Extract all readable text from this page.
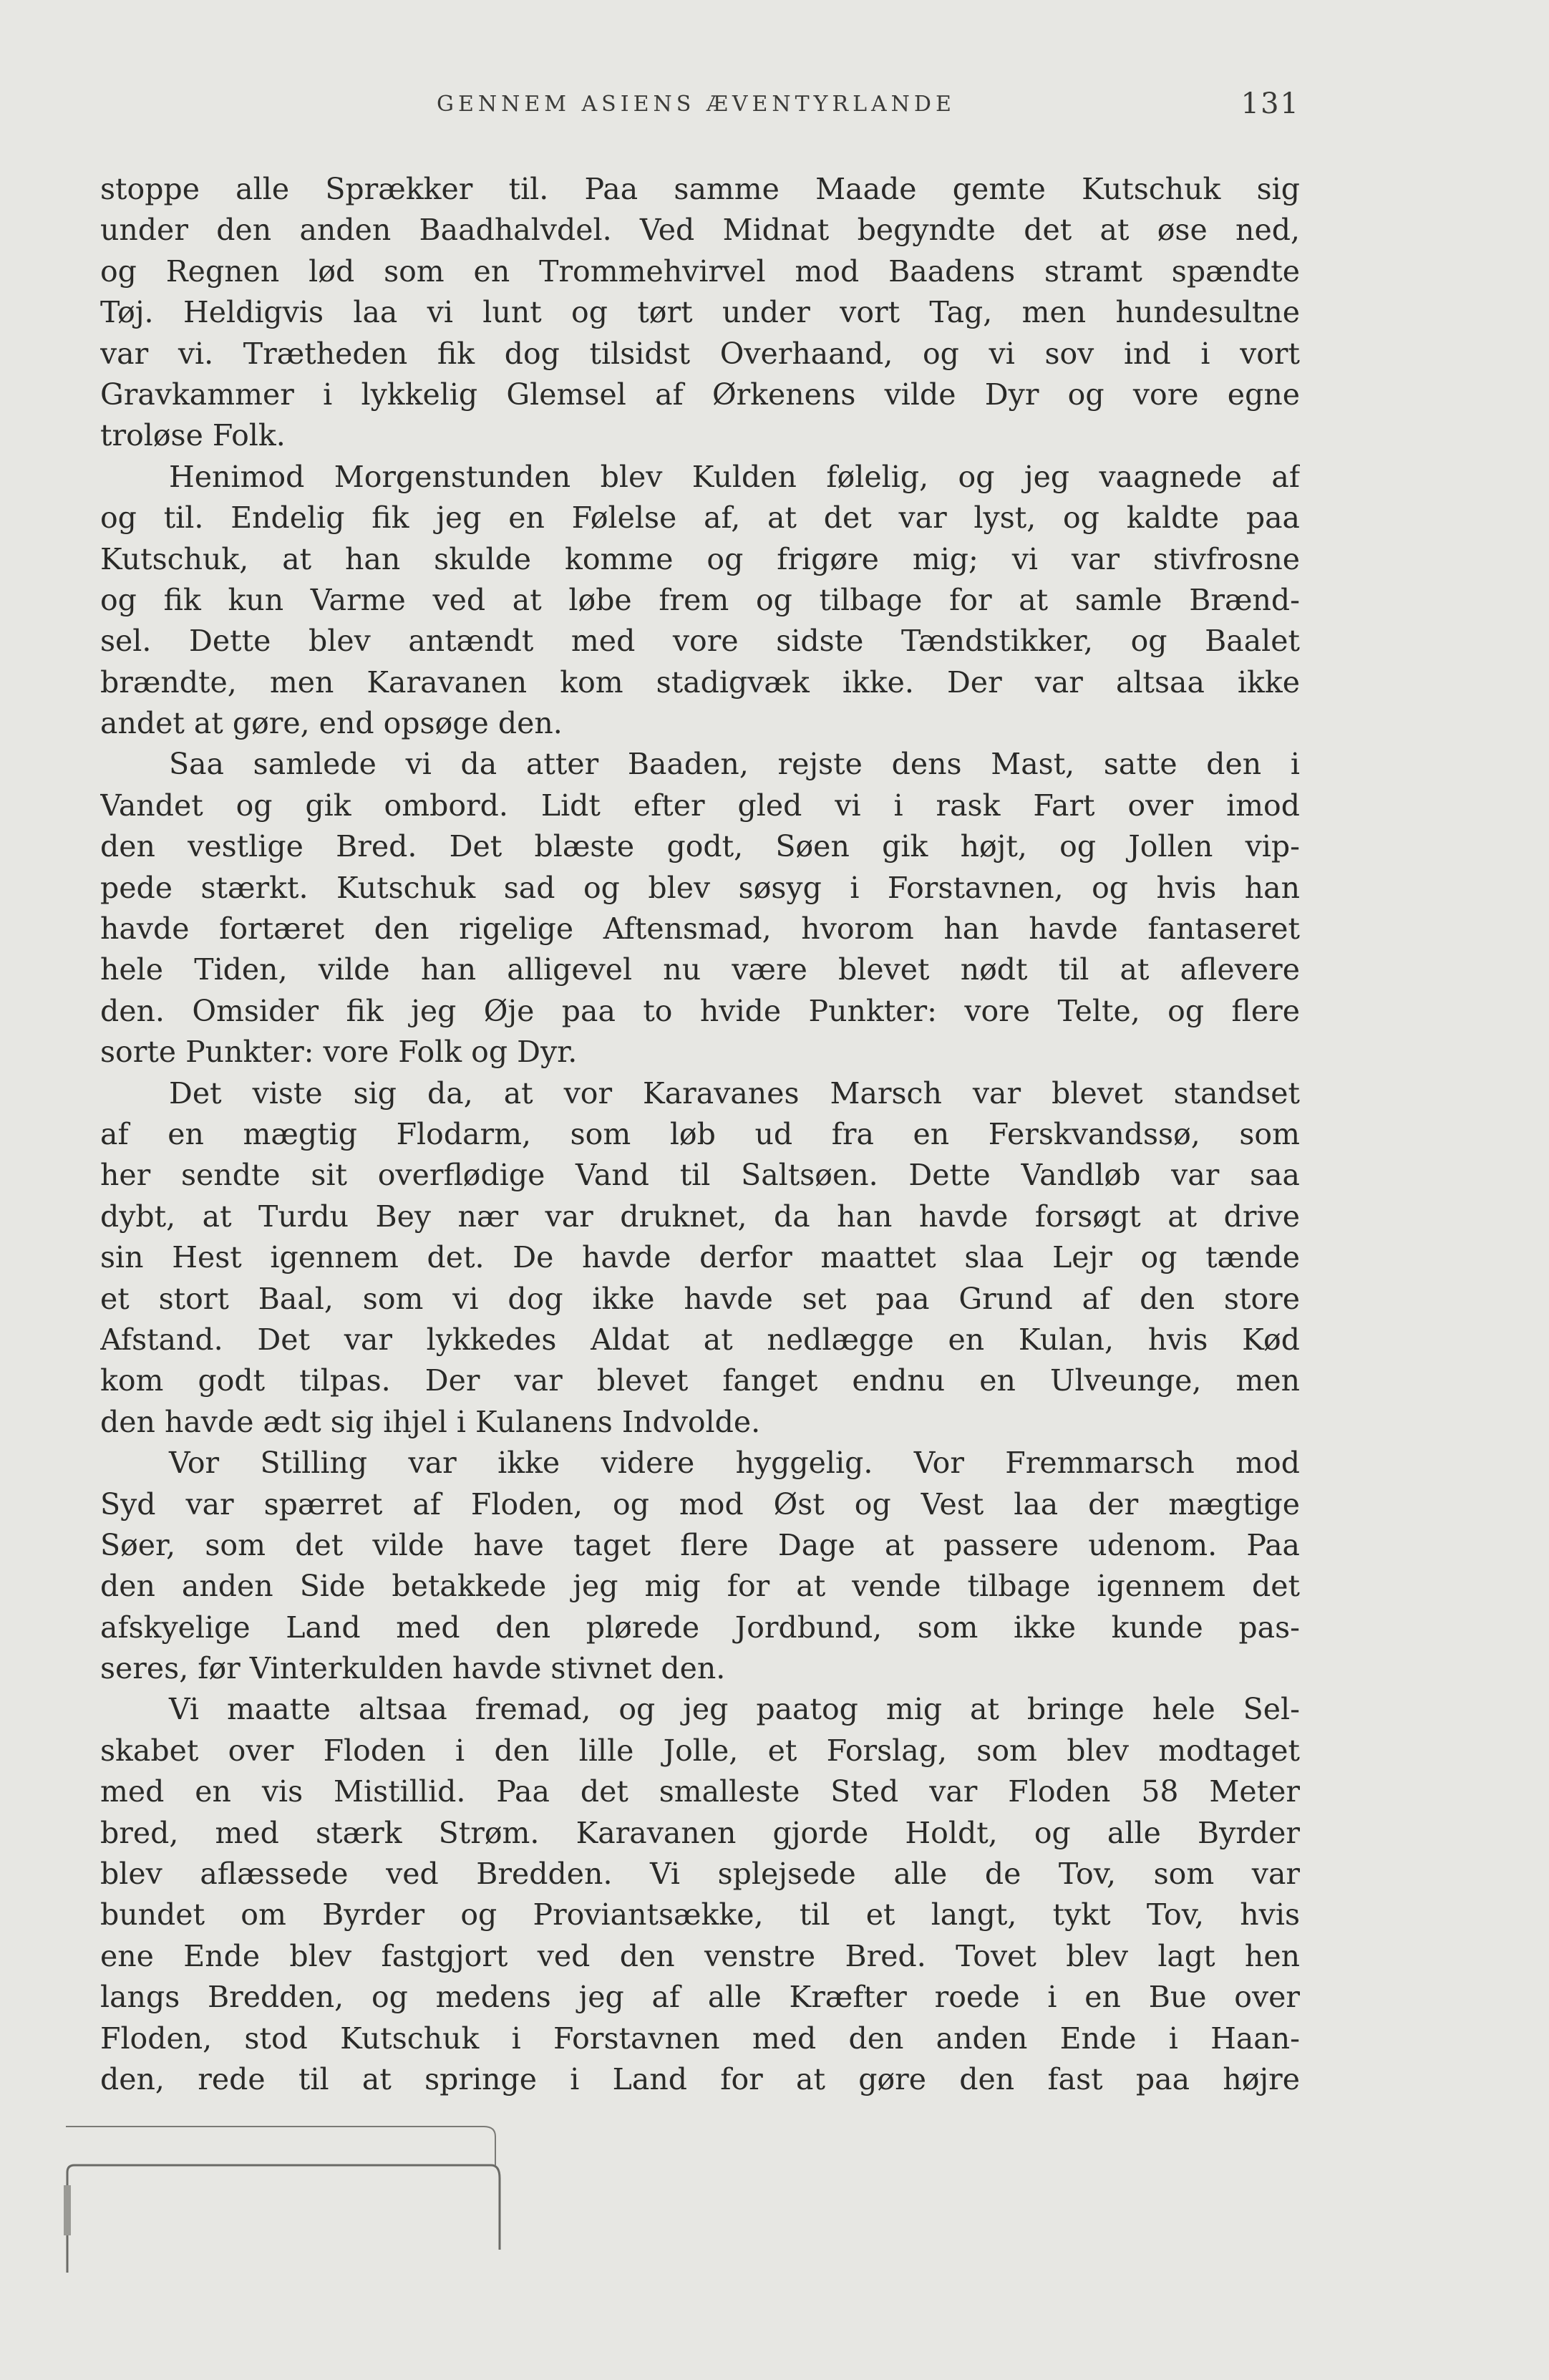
GENNEM ASIENS ÆVENTYRLANDE	131
stoppe alle Sprækker til. Paa samme Maade gemte Kutschuk sig
under den anden Baadhalvdel. Ved Midnat begyndte det at øse ned,
og Regnen lød som en Trommehvirvel mod Baadens stramt spændte
Tøj. Heldigvis laa vi lunt og tørt under vort Tag, men hundesultne
var vi. Trætheden fik dog tilsidst Overhaand, og vi sov ind i vort
Gravkammer i lykkelig Glemsel af Ørkenens vilde Dyr og vore egne
troløse Folk.
Henimod Morgenstunden blev Kulden følelig, og jeg vaagnede af
og til. Endelig fik jeg en Følelse af, at det var lyst, og kaldte paa
Kutschuk, at han skulde komme og frigøre mig; vi var stivfrosne
og fik kun Varme ved at løbe frem og tilbage for at samle Brænd-
sel. Dette blev antændt med vore sidste Tændstikker, og Baalet
brændte, men Karavanen kom stadigvæk ikke. Der var altsaa ikke
andet at gøre, end opsøge den.
Saa samlede vi da atter Baaden, rejste dens Mast, satte den i
Vandet og gik ombord. Lidt efter gled vi i rask Fart over imod
den vestlige Bred. Det blæste godt, Søen gik højt, og Jollen vip-
pede stærkt. Kutschuk sad og blev søsyg i Forstavnen, og hvis han
havde fortæret den rigelige Aftensmad, hvorom han havde fantaseret
hele Tiden, vilde han alligevel nu være blevet nødt til at aflevere
den. Omsider fik jeg Øje paa to hvide Punkter: vore Telte, og flere
sorte Punkter: vore Folk og Dyr.
Det viste sig da, at vor Karavanes Marsch var blevet standset
af en mægtig Flodarm, som løb ud fra en Ferskvandssø, som
her sendte sit overflødige Vand til Saltsøen. Dette Vandløb var saa
dybt, at Turdu Bey nær var druknet, da han havde forsøgt at drive
sin Hest igennem det. De havde derfor maattet slaa Lejr og tænde
et stort Baal, som vi dog ikke havde set paa Grund af den store
Afstand. Det var lykkedes Aldat at nedlægge en Kulan, hvis Kød
kom godt tilpas. Der var blevet fanget endnu en Ulveunge, men
den havde ædt sig ihjel i Kulanens Indvolde.
Vor Stilling var ikke videre hyggelig. Vor Fremmarsch mod
Syd var spærret af Floden, og mod Øst og Vest laa der mægtige
Søer, som det vilde have taget flere Dage at passere udenom. Paa
den anden Side betakkede jeg mig for at vende tilbage igennem det
afskyelige Land med den plørede Jordbund, som ikke kunde pas-
seres, før Vinterkulden havde stivnet den.
Vi maatte altsaa fremad, og jeg paatog mig at bringe hele Sel-
skabet over Floden i den lille Jolle, et Forslag, som blev modtaget
med en vis Mistillid. Paa det smalleste Sted var Floden 58 Meter
bred, med stærk Strøm. Karavanen gjorde Holdt, og alle Byrder
blev aflæssede ved Bredden. Vi splejsede alle de Tov, som var
bundet om Byrder og Proviantsække, til et langt, tykt Tov, hvis
ene Ende blev fastgjort ved den venstre Bred. Tovet blev lagt hen
langs Bredden, og medens jeg af alle Kræfter roede i en Bue over
Floden, stod Kutschuk i Forstavnen med den anden Ende i Haan-
den, rede til at springe i Land for at gøre den fast paa højre
